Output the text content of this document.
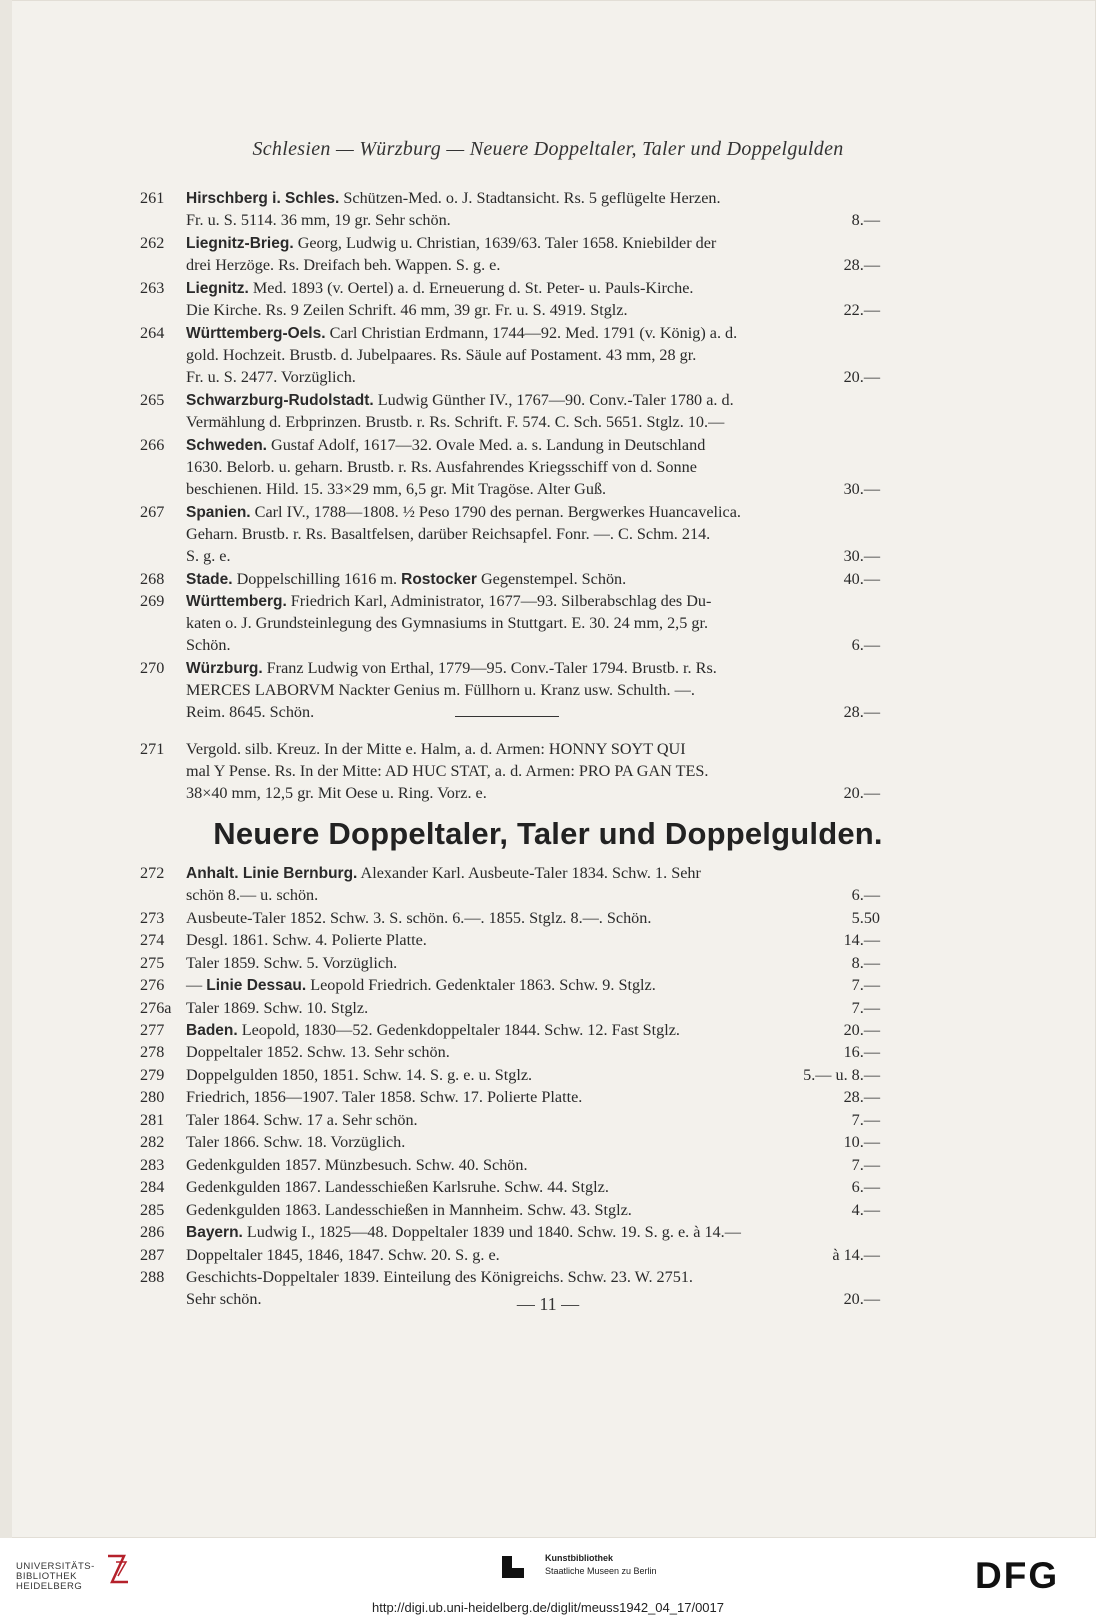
Schlesien — Würzburg — Neuere Doppeltaler, Taler und Doppelgulden
261	Hirschberg i. Schles. Schützen-Med. o. J. Stadtansicht. Rs. 5 geflügelte Herzen.
Fr. u. S. 5114. 36 mm, 19 gr. Sehr schön.	8.—
262	Liegnitz-Brieg. Georg, Ludwig u. Christian, 1639/63. Taler 1658. Kniebilder der
drei Herzöge. Rs. Dreifach beh. Wappen. S. g. e.	28.—
263	Liegnitz. Med. 1893 (v. Oertel) a. d. Erneuerung d. St. Peter- u. Pauls-Kirche.
Die Kirche. Rs. 9 Zeilen Schrift. 46 mm, 39 gr. Fr. u. S. 4919. Stglz.	22.—
264	Württemberg-Oels. Carl Christian Erdmann, 1744—92. Med. 1791 (v. König) a. d.
gold. Hochzeit. Brustb. d. Jubelpaares. Rs. Säule auf Postament. 43 mm, 28 gr.
Fr. u. S. 2477. Vorzüglich.	20.—
265	Schwarzburg-Rudolstadt. Ludwig Günther IV., 1767—90. Conv.-Taler 1780 a. d.
Vermählung d. Erbprinzen. Brustb. r. Rs. Schrift. F. 574. C. Sch. 5651. Stglz. 10.—
266	Schweden. Gustaf Adolf, 1617—32. Ovale Med. a. s. Landung in Deutschland
1630. Belorb. u. geharn. Brustb. r. Rs. Ausfahrendes Kriegsschiff von d. Sonne
beschienen. Hild. 15. 33×29 mm, 6,5 gr. Mit Tragöse. Alter Guß.	30.—
267	Spanien. Carl IV., 1788—1808. ½ Peso 1790 des pernan. Bergwerkes Huancavelica.
Geharn. Brustb. r. Rs. Basaltfelsen, darüber Reichsapfel. Fonr. —. C. Schm. 214.
S. g. e.	30.—
268	Stade. Doppelschilling 1616 m. Rostocker Gegenstempel. Schön.	40.—
269	Württemberg. Friedrich Karl, Administrator, 1677—93. Silberabschlag des Du-
katen o. J. Grundsteinlegung des Gymnasiums in Stuttgart. E. 30. 24 mm, 2,5 gr.
Schön.	6.—
270	Würzburg. Franz Ludwig von Erthal, 1779—95. Conv.-Taler 1794. Brustb. r. Rs.
MERCES LABORVM Nackter Genius m. Füllhorn u. Kranz usw. Schulth. —.
Reim. 8645. Schön.	28.—
271	Vergold. silb. Kreuz. In der Mitte e. Halm, a. d. Armen: HONNY SOYT QUI
mal Y Pense. Rs. In der Mitte: AD HUC STAT, a. d. Armen: PRO PA GAN TES.
38×40 mm, 12,5 gr. Mit Oese u. Ring. Vorz. e.	20.—
Neuere Doppeltaler, Taler und Doppelgulden.
272	Anhalt. Linie Bernburg. Alexander Karl. Ausbeute-Taler 1834. Schw. 1. Sehr
schön 8.— u. schön.	6.—
273	Ausbeute-Taler 1852. Schw. 3. S. schön. 6.—. 1855. Stglz. 8.—. Schön.	5.50
274	Desgl. 1861. Schw. 4. Polierte Platte.	14.—
275	Taler 1859. Schw. 5. Vorzüglich.	8.—
276	— Linie Dessau. Leopold Friedrich. Gedenktaler 1863. Schw. 9. Stglz.	7.—
276a Taler 1869. Schw. 10. Stglz.	7.—
277	Baden. Leopold, 1830—52. Gedenkdoppeltaler 1844. Schw. 12. Fast Stglz.	20.—
278	Doppeltaler 1852. Schw. 13. Sehr schön.	16.—
279	Doppelgulden 1850, 1851. Schw. 14. S. g. e. u. Stglz.	5.— u. 8.—
280	Friedrich, 1856—1907. Taler 1858. Schw. 17. Polierte Platte.	28.—
281	Taler 1864. Schw. 17 a. Sehr schön.	7.—
282	Taler 1866. Schw. 18. Vorzüglich.	10.—
283	Gedenkgulden 1857. Münzbesuch. Schw. 40. Schön.	7.—
284	Gedenkgulden 1867. Landesschießen Karlsruhe. Schw. 44. Stglz.	6.—
285	Gedenkgulden 1863. Landesschießen in Mannheim. Schw. 43. Stglz.	4.—
286	Bayern. Ludwig I., 1825—48. Doppeltaler 1839 und 1840. Schw. 19. S. g. e. à 14.—
287	Doppeltaler 1845, 1846, 1847. Schw. 20. S. g. e.	à 14.—
288	Geschichts-Doppeltaler 1839. Einteilung des Königreichs. Schw. 23. W. 2751.
Sehr schön.	20.—
— 11 —
UNIVERSITÄTS-
BIBLIOTHEK
HEIDELBERG
Kunstbibliothek
Staatliche Museen zu Berlin	DFG
http://digi.ub.uni-heidelberg.de/diglit/meuss1942_04_17/0017
